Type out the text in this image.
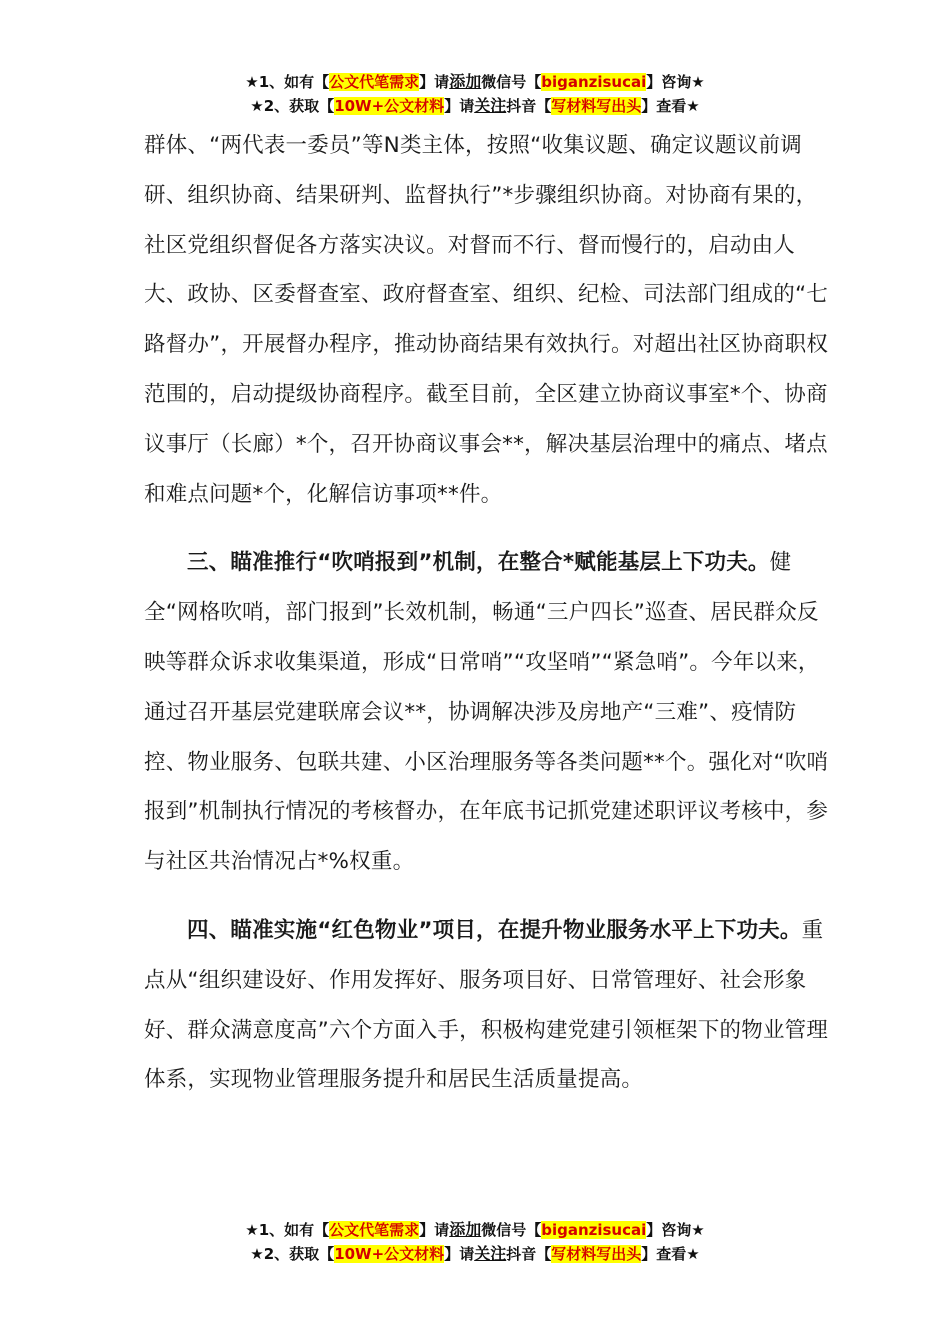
★1、如有【公文代笔需求】请添加微信号【biganzisucai】咨询★
★2、获取【10W+公文材料】请关注抖音【写材料写出头】查看★

群体、“两代表一委员”等N类主体，按照“收集议题、确定议题议前调研、组织协商、结果研判、监督执行”*步骤组织协商。对协商有果的，社区党组织督促各方落实决议。对督而不行、督而慢行的，启动由人大、政协、区委督查室、政府督查室、组织、纪检、司法部门组成的“七路督办”，开展督办程序，推动协商结果有效执行。对超出社区协商职权范围的，启动提级协商程序。截至目前，全区建立协商议事室*个、协商议事厅（长廊）*个，召开协商议事会**，解决基层治理中的痛点、堵点和难点问题*个，化解信访事项**件。

三、瞄准推行“吹哨报到”机制，在整合*赋能基层上下功夫。健全“网格吹哨，部门报到”长效机制，畅通“三户四长”巡查、居民群众反映等群众诉求收集渠道，形成“日常哨”“攻坚哨”“紧急哨”。今年以来，通过召开基层党建联席会议**，协调解决涉及房地产“三难”、疫情防控、物业服务、包联共建、小区治理服务等各类问题**个。强化对“吹哨报到”机制执行情况的考核督办，在年底书记抓党建述职评议考核中，参与社区共治情况占*%权重。

四、瞄准实施“红色物业”项目，在提升物业服务水平上下功夫。重点从“组织建设好、作用发挥好、服务项目好、日常管理好、社会形象好、群众满意度高”六个方面入手，积极构建党建引领框架下的物业管理体系，实现物业管理服务提升和居民生活质量提高。

★1、如有【公文代笔需求】请添加微信号【biganzisucai】咨询★
★2、获取【10W+公文材料】请关注抖音【写材料写出头】查看★
